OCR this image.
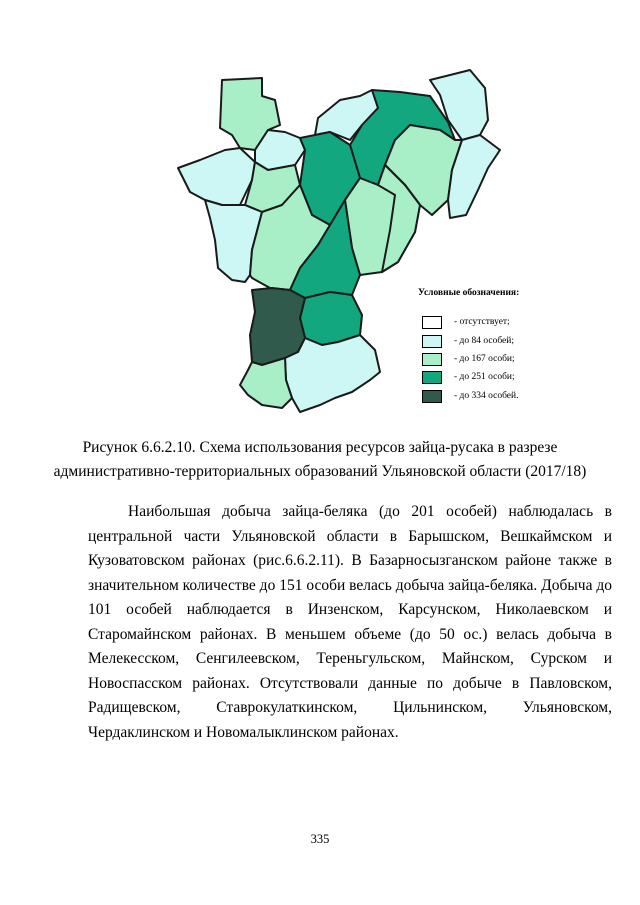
Условные обозначения:
- отсутствует;
- до 84 особей;
- до 167 особи;
- до 251 особи;
- до 334 особей.
Рисунок 6.6.2.10. Схема использования ресурсов зайца-русака в разрезе
административно-территориальных образований Ульяновской области (2017/18)

Наибольшая добыча зайца-беляка (до 201 особей) наблюдалась в центральной части Ульяновской области в Барышском, Вешкаймском и Кузоватовском районах (рис.6.6.2.11). В Базарносызганском районе также в значительном количестве до 151 особи велась добыча зайца-беляка. Добыча до 101 особей наблюдается в Инзенском, Карсунском, Николаевском и Старомайнском районах. В меньшем объеме (до 50 ос.) велась добыча в Мелекесском, Сенгилеевском, Тереньгульском, Майнском, Сурском и Новоспасском районах. Отсутствовали данные по добыче в Павловском, Радищевском, Ставрокулаткинском, Цильнинском, Ульяновском, Чердаклинском и Новомалыклинском районах.

335
